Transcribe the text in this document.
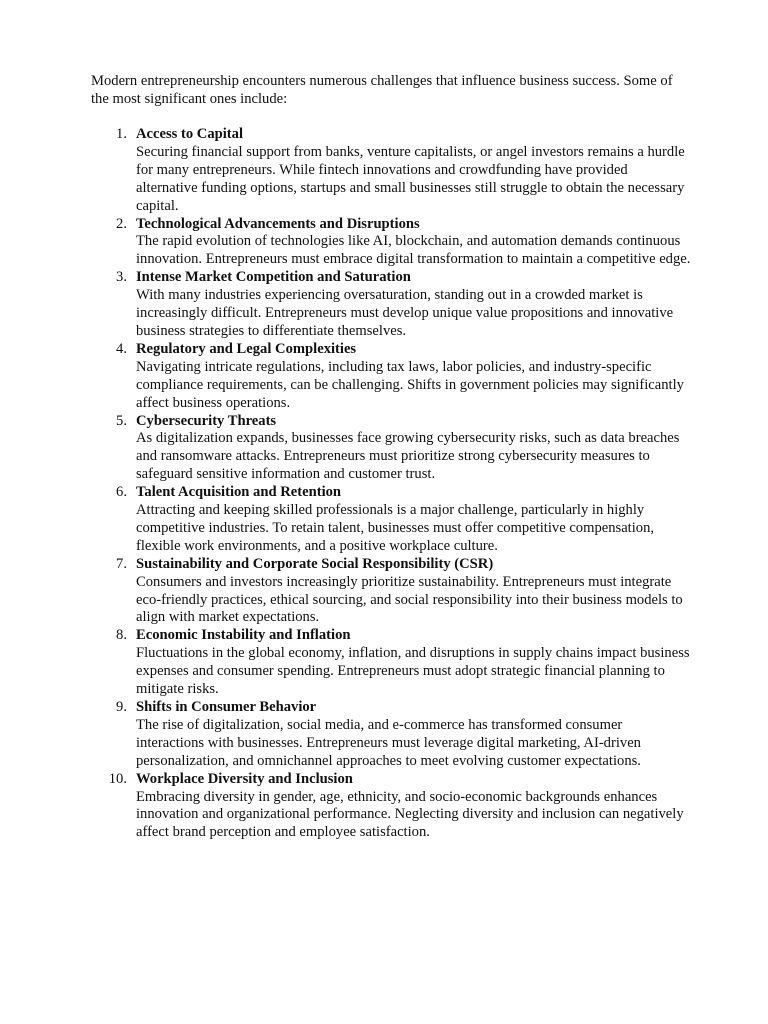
Modern entrepreneurship encounters numerous challenges that influence business success. Some of the most significant ones include:

1. Access to Capital
Securing financial support from banks, venture capitalists, or angel investors remains a hurdle for many entrepreneurs. While fintech innovations and crowdfunding have provided alternative funding options, startups and small businesses still struggle to obtain the necessary capital.
2. Technological Advancements and Disruptions
The rapid evolution of technologies like AI, blockchain, and automation demands continuous innovation. Entrepreneurs must embrace digital transformation to maintain a competitive edge.
3. Intense Market Competition and Saturation
With many industries experiencing oversaturation, standing out in a crowded market is increasingly difficult. Entrepreneurs must develop unique value propositions and innovative business strategies to differentiate themselves.
4. Regulatory and Legal Complexities
Navigating intricate regulations, including tax laws, labor policies, and industry-specific compliance requirements, can be challenging. Shifts in government policies may significantly affect business operations.
5. Cybersecurity Threats
As digitalization expands, businesses face growing cybersecurity risks, such as data breaches and ransomware attacks. Entrepreneurs must prioritize strong cybersecurity measures to safeguard sensitive information and customer trust.
6. Talent Acquisition and Retention
Attracting and keeping skilled professionals is a major challenge, particularly in highly competitive industries. To retain talent, businesses must offer competitive compensation, flexible work environments, and a positive workplace culture.
7. Sustainability and Corporate Social Responsibility (CSR)
Consumers and investors increasingly prioritize sustainability. Entrepreneurs must integrate eco-friendly practices, ethical sourcing, and social responsibility into their business models to align with market expectations.
8. Economic Instability and Inflation
Fluctuations in the global economy, inflation, and disruptions in supply chains impact business expenses and consumer spending. Entrepreneurs must adopt strategic financial planning to mitigate risks.
9. Shifts in Consumer Behavior
The rise of digitalization, social media, and e-commerce has transformed consumer interactions with businesses. Entrepreneurs must leverage digital marketing, AI-driven personalization, and omnichannel approaches to meet evolving customer expectations.
10. Workplace Diversity and Inclusion
Embracing diversity in gender, age, ethnicity, and socio-economic backgrounds enhances innovation and organizational performance. Neglecting diversity and inclusion can negatively affect brand perception and employee satisfaction.
